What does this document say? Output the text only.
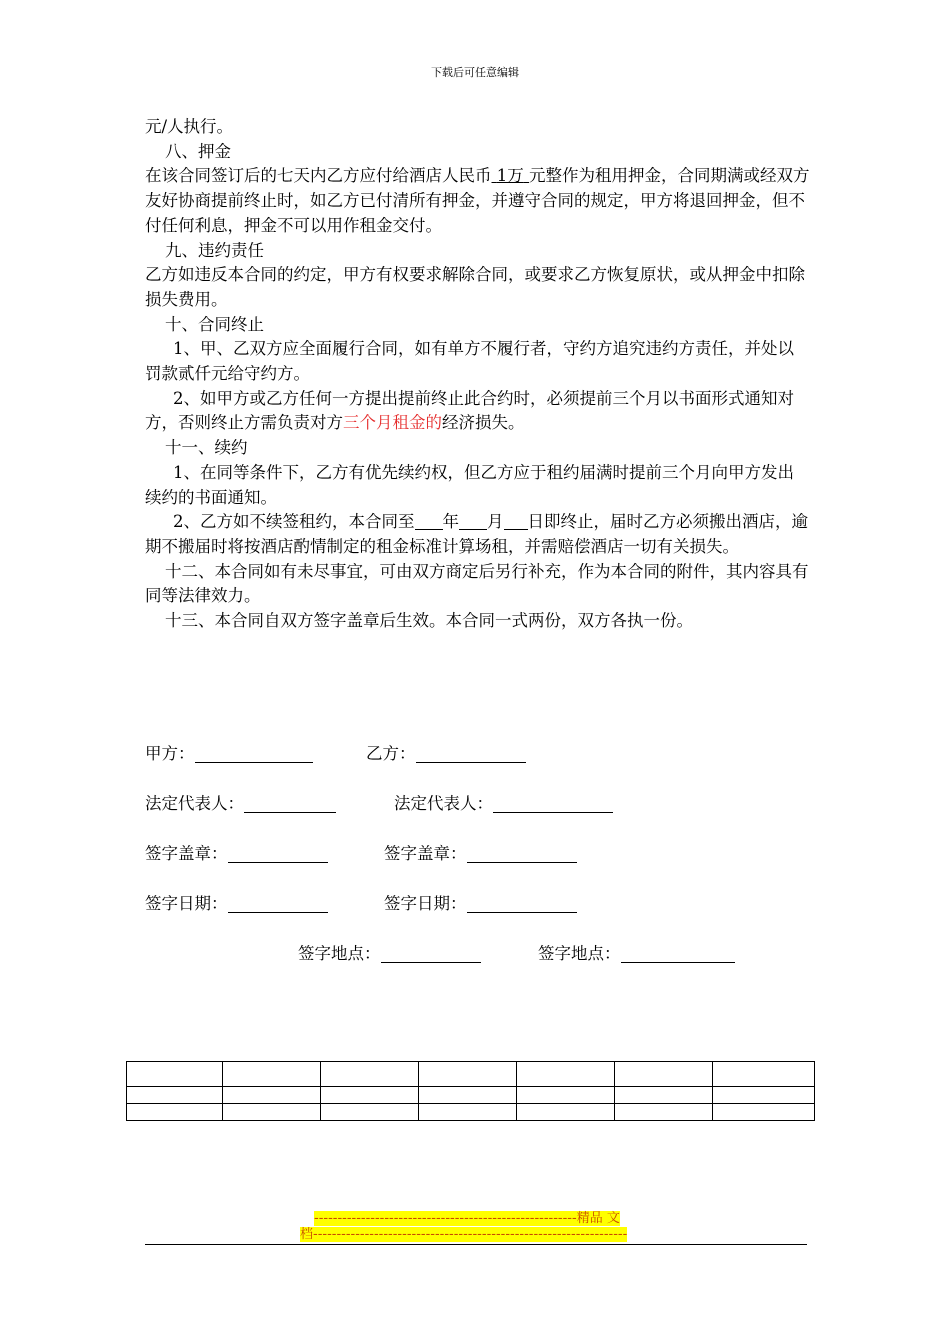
下载后可任意编辑

元/人执行。

八、押金

在该合同签订后的七天内乙方应付给酒店人民币 1万 元整作为租用押金，合同期满或经双方友好协商提前终止时，如乙方已付清所有押金，并遵守合同的规定，甲方将退回押金，但不付任何利息，押金不可以用作租金交付。

九、违约责任

乙方如违反本合同的约定，甲方有权要求解除合同，或要求乙方恢复原状，或从押金中扣除损失费用。

十、合同终止

1、甲、乙双方应全面履行合同，如有单方不履行者，守约方追究违约方责任，并处以罚款贰仟元给守约方。

2、如甲方或乙方任何一方提出提前终止此合约时，必须提前三个月以书面形式通知对方，否则终止方需负责对方三个月租金的经济损失。

十一、续约

1、在同等条件下，乙方有优先续约权，但乙方应于租约届满时提前三个月向甲方发出续约的书面通知。

2、乙方如不续签租约，本合同至 年 月 日即终止，届时乙方必须搬出酒店，逾期不搬届时将按酒店酌情制定的租金标准计算场租，并需赔偿酒店一切有关损失。

十二、本合同如有未尽事宜，可由双方商定后另行补充，作为本合同的附件，其内容具有同等法律效力。

十三、本合同自双方签字盖章后生效。本合同一式两份，双方各执一份。

甲方：	乙方：
法定代表人：	法定代表人：
签字盖章：	签字盖章：
签字日期：	签字日期：
签字地点：	签字地点：

--------------------------------------------------------精品 文
档-------------------------------------------------------------------
